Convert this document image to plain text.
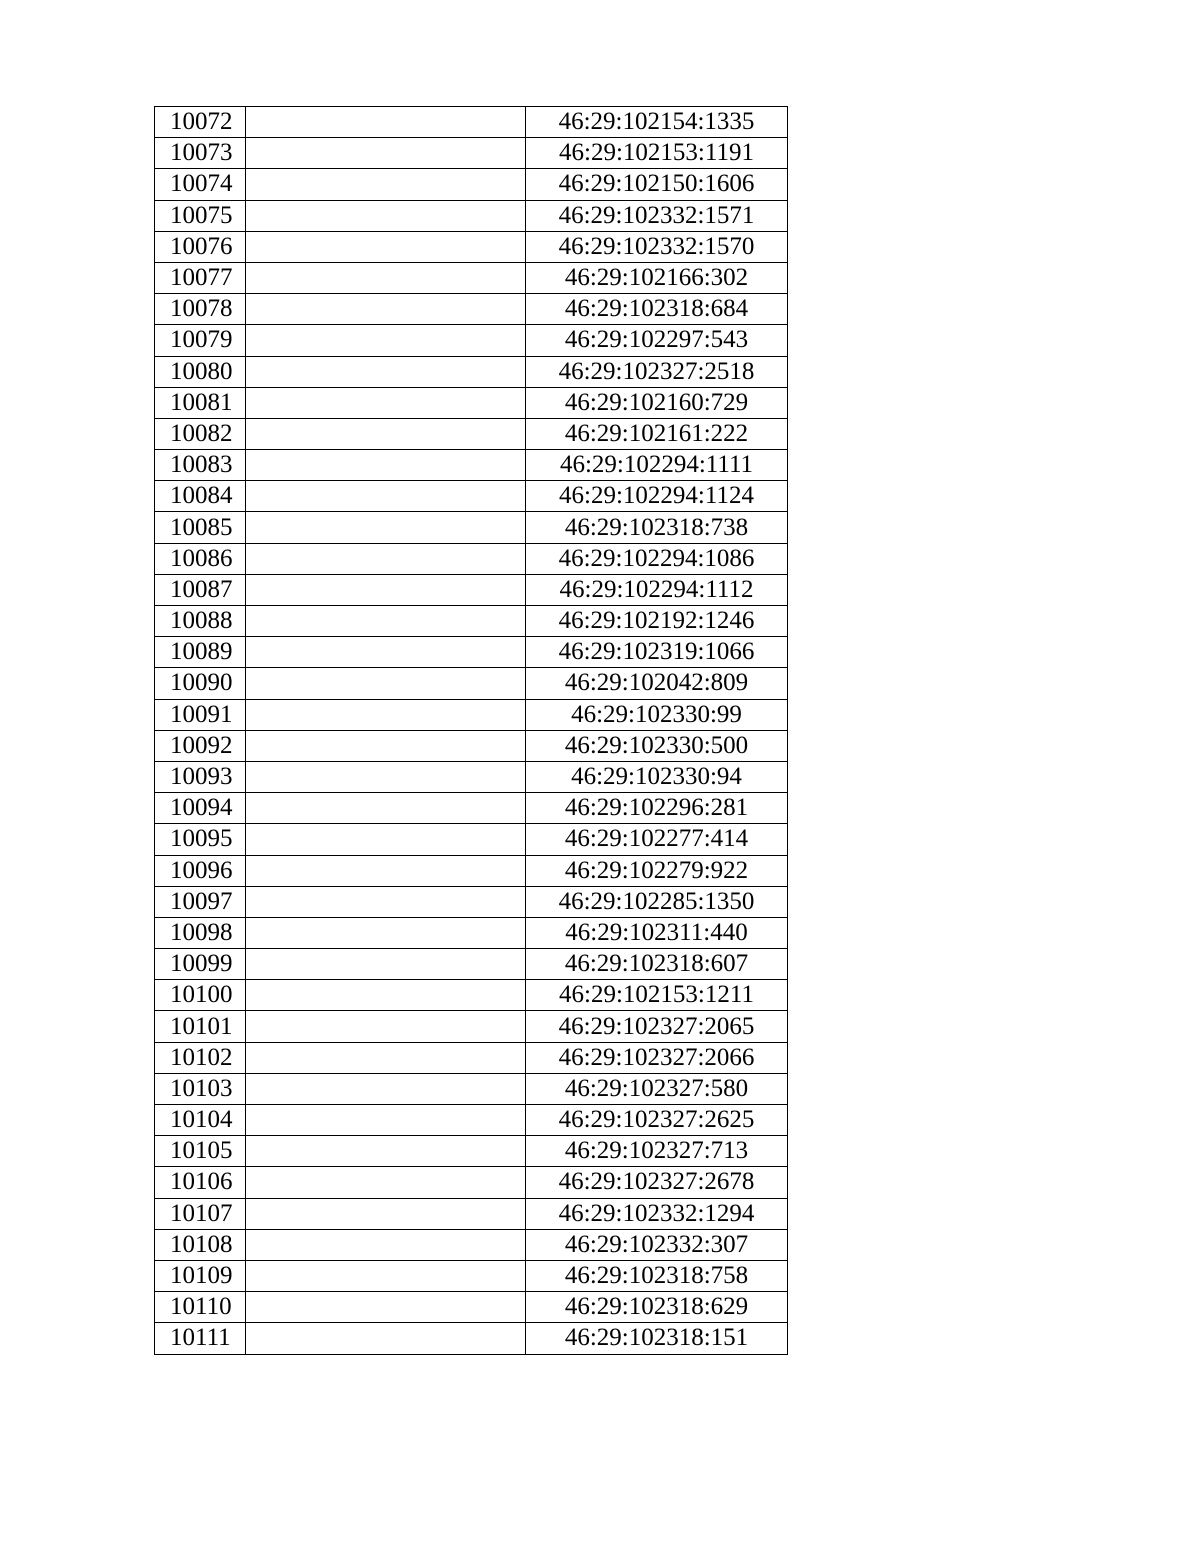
10072		46:29:102154:1335
10073		46:29:102153:1191
10074		46:29:102150:1606
10075		46:29:102332:1571
10076		46:29:102332:1570
10077		46:29:102166:302
10078		46:29:102318:684
10079		46:29:102297:543
10080		46:29:102327:2518
10081		46:29:102160:729
10082		46:29:102161:222
10083		46:29:102294:1111
10084		46:29:102294:1124
10085		46:29:102318:738
10086		46:29:102294:1086
10087		46:29:102294:1112
10088		46:29:102192:1246
10089		46:29:102319:1066
10090		46:29:102042:809
10091		46:29:102330:99
10092		46:29:102330:500
10093		46:29:102330:94
10094		46:29:102296:281
10095		46:29:102277:414
10096		46:29:102279:922
10097		46:29:102285:1350
10098		46:29:102311:440
10099		46:29:102318:607
10100		46:29:102153:1211
10101		46:29:102327:2065
10102		46:29:102327:2066
10103		46:29:102327:580
10104		46:29:102327:2625
10105		46:29:102327:713
10106		46:29:102327:2678
10107		46:29:102332:1294
10108		46:29:102332:307
10109		46:29:102318:758
10110		46:29:102318:629
10111		46:29:102318:151
